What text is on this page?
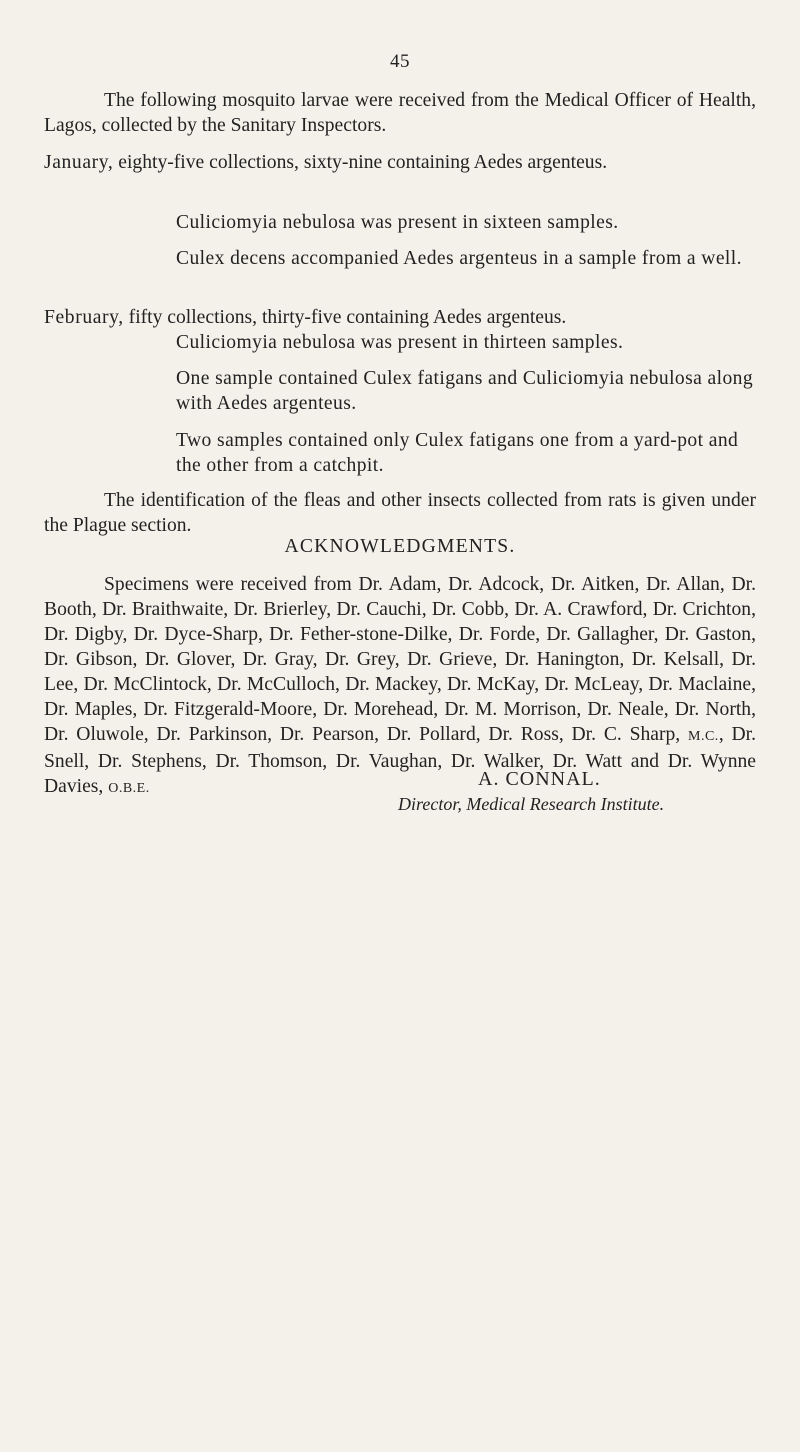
45

The following mosquito larvae were received from the Medical Officer of Health, Lagos, collected by the Sanitary Inspectors.

January, eighty-five collections, sixty-nine containing Aedes argenteus.

Culiciomyia nebulosa was present in sixteen samples.

Culex decens accompanied Aedes argenteus in a sample from a well.

February, fifty collections, thirty-five containing Aedes argenteus.

Culiciomyia nebulosa was present in thirteen samples.

One sample contained Culex fatigans and Culiciomyia nebulosa along with Aedes argenteus.

Two samples contained only Culex fatigans one from a yard-pot and the other from a catchpit.

The identification of the fleas and other insects collected from rats is given under the Plague section.

ACKNOWLEDGMENTS.

Specimens were received from Dr. Adam, Dr. Adcock, Dr. Aitken, Dr. Allan, Dr. Booth, Dr. Braithwaite, Dr. Brierley, Dr. Cauchi, Dr. Cobb, Dr. A. Crawford, Dr. Crichton, Dr. Digby, Dr. Dyce-Sharp, Dr. Fether-stone-Dilke, Dr. Forde, Dr. Gallagher, Dr. Gaston, Dr. Gibson, Dr. Glover, Dr. Gray, Dr. Grey, Dr. Grieve, Dr. Hanington, Dr. Kelsall, Dr. Lee, Dr. McClintock, Dr. McCulloch, Dr. Mackey, Dr. McKay, Dr. McLeay, Dr. Maclaine, Dr. Maples, Dr. Fitzgerald-Moore, Dr. Morehead, Dr. M. Morrison, Dr. Neale, Dr. North, Dr. Oluwole, Dr. Parkinson, Dr. Pearson, Dr. Pollard, Dr. Ross, Dr. C. Sharp, M.C., Dr. Snell, Dr. Stephens, Dr. Thomson, Dr. Vaughan, Dr. Walker, Dr. Watt and Dr. Wynne Davies, O.B.E.	A. CONNAL.
Director, Medical Research Institute.
